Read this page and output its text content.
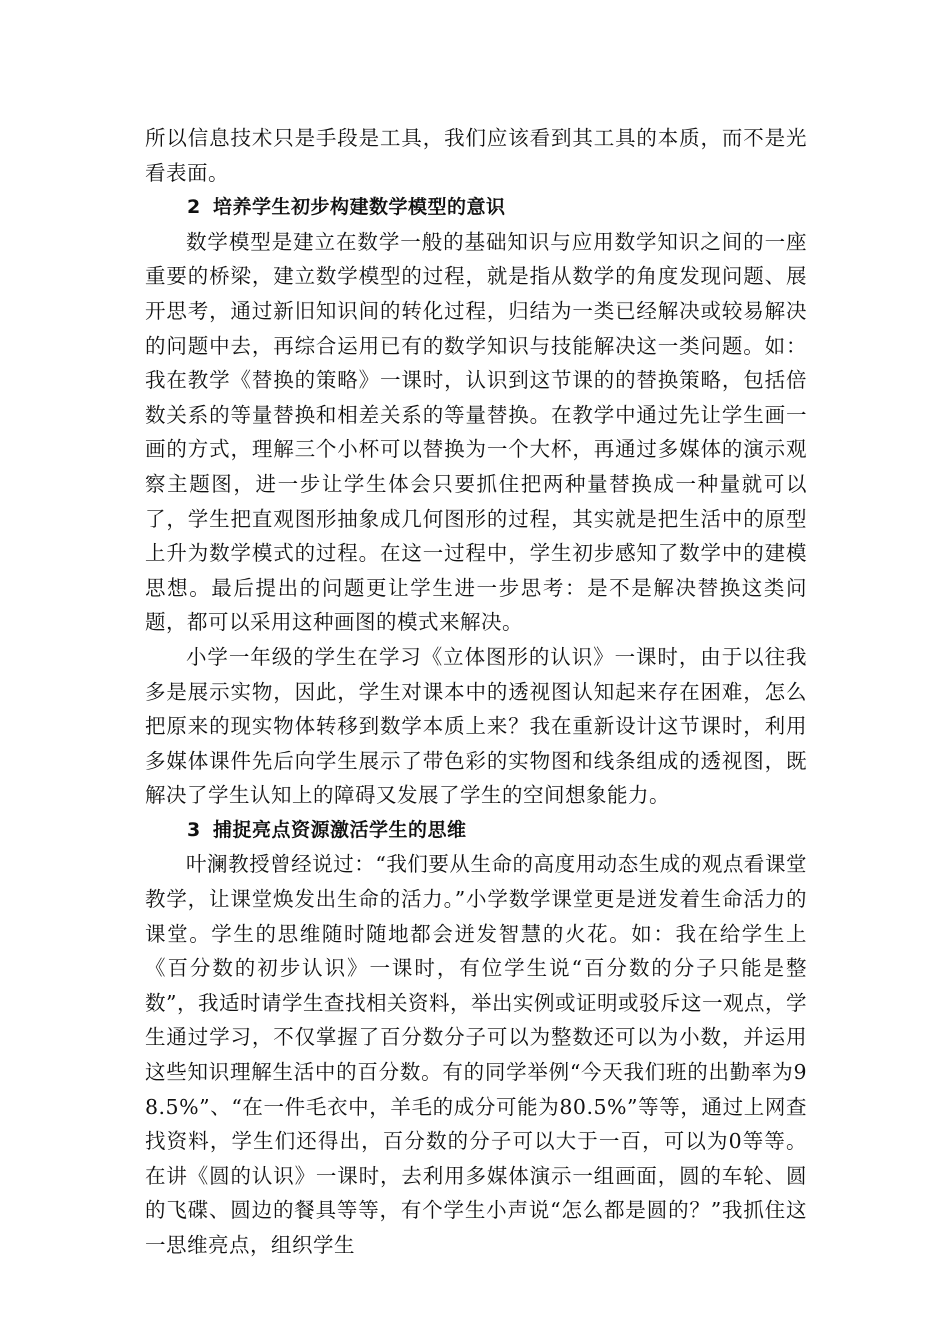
所以信息技术只是手段是工具，我们应该看到其工具的本质，而不是光看表面。

2 培养学生初步构建数学模型的意识

数学模型是建立在数学一般的基础知识与应用数学知识之间的一座重要的桥梁，建立数学模型的过程，就是指从数学的角度发现问题、展开思考，通过新旧知识间的转化过程，归结为一类已经解决或较易解决的问题中去，再综合运用已有的数学知识与技能解决这一类问题。如：我在教学《替换的策略》一课时，认识到这节课的的替换策略，包括倍数关系的等量替换和相差关系的等量替换。在教学中通过先让学生画一画的方式，理解三个小杯可以替换为一个大杯，再通过多媒体的演示观察主题图，进一步让学生体会只要抓住把两种量替换成一种量就可以了，学生把直观图形抽象成几何图形的过程，其实就是把生活中的原型上升为数学模式的过程。在这一过程中，学生初步感知了数学中的建模思想。最后提出的问题更让学生进一步思考：是不是解决替换这类问题，都可以采用这种画图的模式来解决。

小学一年级的学生在学习《立体图形的认识》一课时，由于以往我多是展示实物，因此，学生对课本中的透视图认知起来存在困难，怎么把原来的现实物体转移到数学本质上来？我在重新设计这节课时，利用多媒体课件先后向学生展示了带色彩的实物图和线条组成的透视图，既解决了学生认知上的障碍又发展了学生的空间想象能力。

3 捕捉亮点资源激活学生的思维

叶澜教授曾经说过：“我们要从生命的高度用动态生成的观点看课堂教学，让课堂焕发出生命的活力。”小学数学课堂更是迸发着生命活力的课堂。学生的思维随时随地都会迸发智慧的火花。如：我在给学生上《百分数的初步认识》一课时，有位学生说“百分数的分子只能是整数”，我适时请学生查找相关资料，举出实例或证明或驳斥这一观点，学生通过学习，不仅掌握了百分数分子可以为整数还可以为小数，并运用这些知识理解生活中的百分数。有的同学举例“今天我们班的出勤率为98.5%”、“在一件毛衣中，羊毛的成分可能为80.5%”等等，通过上网查找资料，学生们还得出，百分数的分子可以大于一百，可以为0等等。在讲《圆的认识》一课时，去利用多媒体演示一组画面，圆的车轮、圆的飞碟、圆边的餐具等等，有个学生小声说“怎么都是圆的？”我抓住这一思维亮点，组织学生
